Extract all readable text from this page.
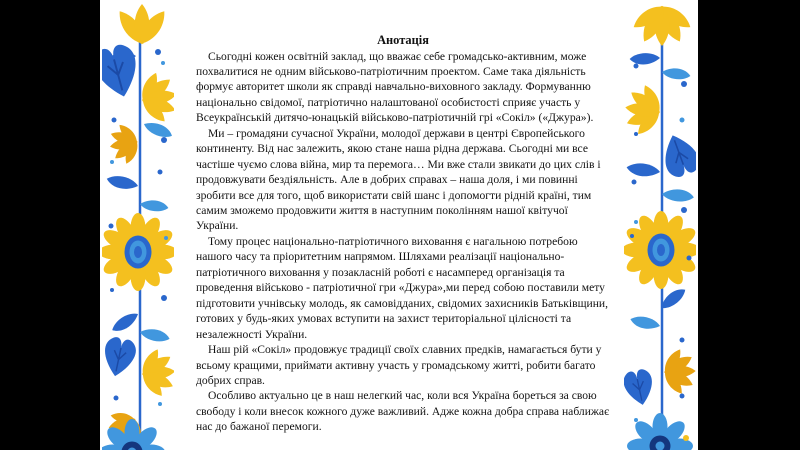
Анотація

Сьогодні кожен освітній заклад, що вважає себе громадсько-активним, може похвалитися не одним військово-патріотичним проектом. Саме така діяльність формує авторитет школи як справді навчально-виховного закладу. Формуванню національно свідомої, патріотично налаштованої особистості сприяє участь у Всеукраїнській дитячо-юнацькій військово-патріотичній грі «Сокіл» («Джура»).

Ми – громадяни сучасної України, молодої держави в центрі Європейського континенту. Від нас залежить, якою стане наша рідна держава. Сьогодні ми все частіше чуємо слова війна, мир та перемога… Ми вже стали звикати до цих слів і продовжувати бездіяльність. Але в добрих справах – наша доля, і ми повинні зробити все для того, щоб використати свій шанс і допомогти рідній країні, тим самим зможемо продовжити життя в наступним поколінням нашої квітучої України.

Тому процес національно-патріотичного виховання є нагальною потребою нашого часу та пріоритетним напрямом. Шляхами реалізації національно-патріотичного виховання у позакласній роботі є насамперед організація та проведення військово - патріотичної гри «Джура»,ми перед собою поставили мету підготовити учнівську молодь, як самовідданих, свідомих захисників Батьківщини, готових у будь-яких умовах вступити на захист територіальної цілісності та незалежності України.

Наш рій «Сокіл» продовжує традиції своїх славних предків, намагається бути у всьому кращими, приймати активну участь у громадському житті, робити багато добрих справ.

Особливо актуально це в наш нелегкий час, коли вся Україна бореться за свою свободу і коли внесок кожного дуже важливий. Адже кожна добра справа наближає нас до бажаної перемоги.
